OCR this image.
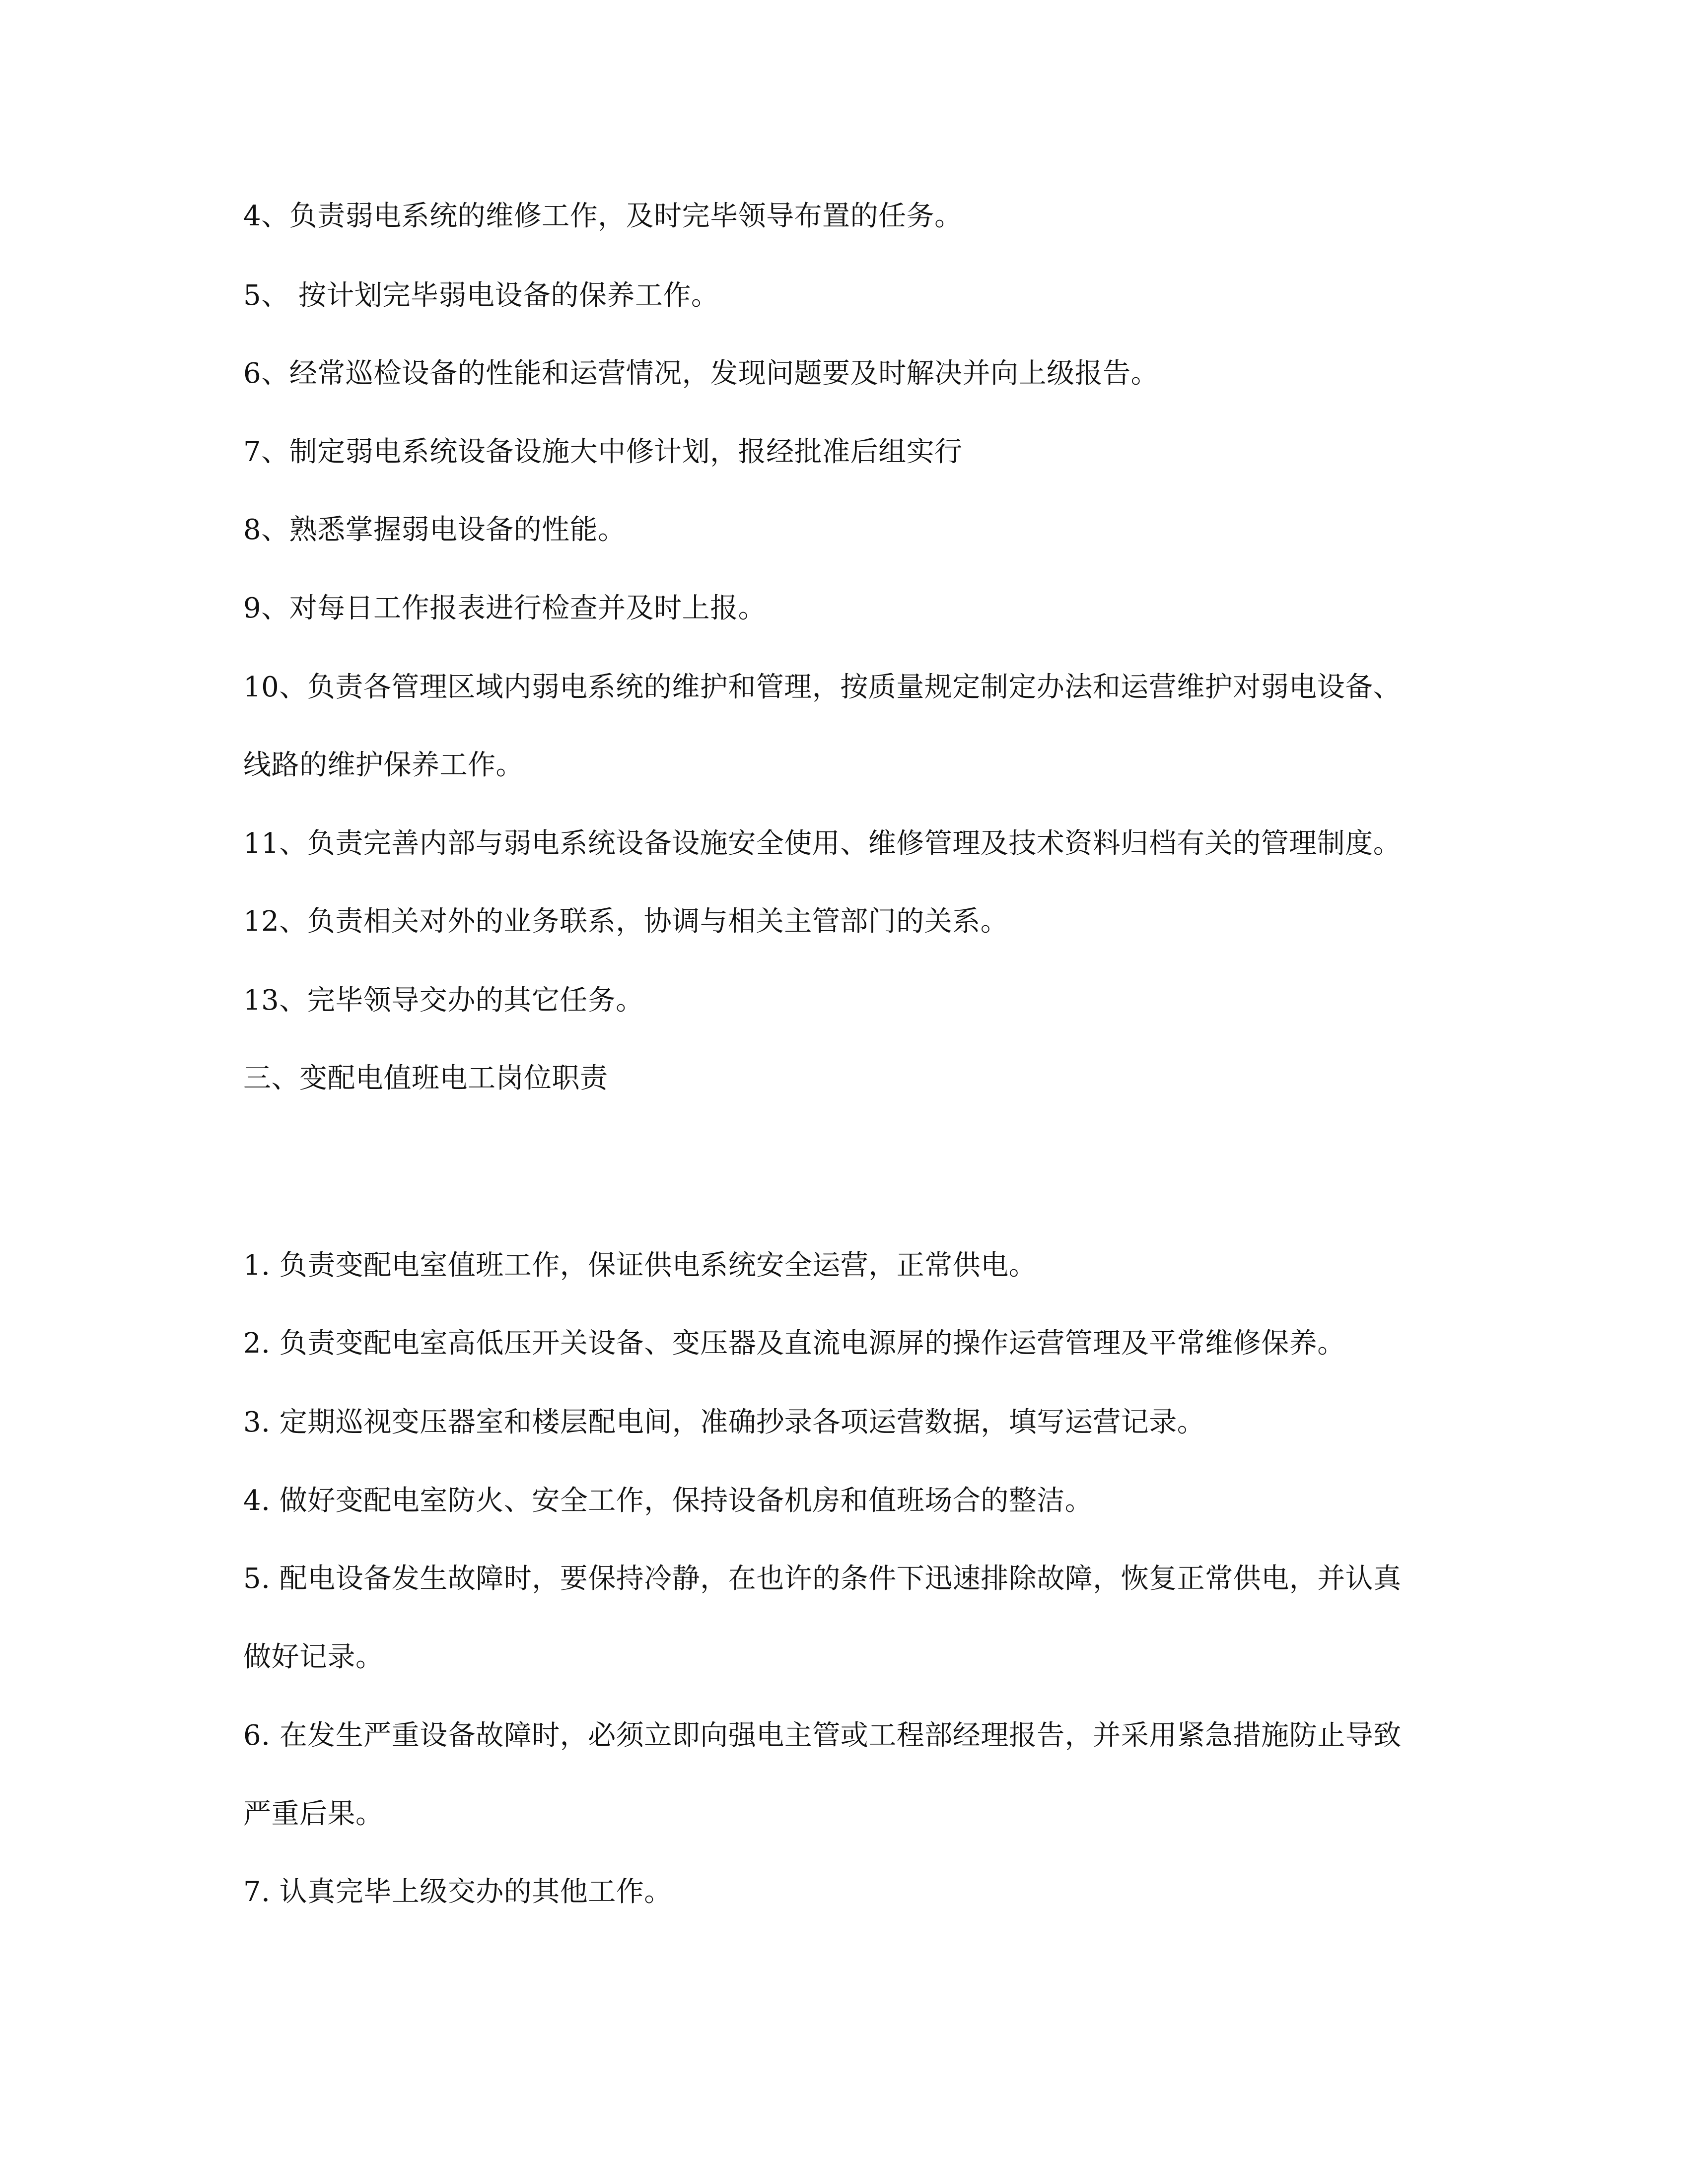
4、负责弱电系统的维修工作，及时完毕领导布置的任务。
5、 按计划完毕弱电设备的保养工作。
6、经常巡检设备的性能和运营情况，发现问题要及时解决并向上级报告。
7、制定弱电系统设备设施大中修计划，报经批准后组实行
8、熟悉掌握弱电设备的性能。
9、对每日工作报表进行检查并及时上报。
10、负责各管理区域内弱电系统的维护和管理，按质量规定制定办法和运营维护对弱电设备、
线路的维护保养工作。
11、负责完善内部与弱电系统设备设施安全使用、维修管理及技术资料归档有关的管理制度。
12、负责相关对外的业务联系，协调与相关主管部门的关系。
13、完毕领导交办的其它任务。
三、变配电值班电工岗位职责
1. 负责变配电室值班工作，保证供电系统安全运营，正常供电。
2. 负责变配电室高低压开关设备、变压器及直流电源屏的操作运营管理及平常维修保养。
3. 定期巡视变压器室和楼层配电间，准确抄录各项运营数据，填写运营记录。
4. 做好变配电室防火、安全工作，保持设备机房和值班场合的整洁。
5. 配电设备发生故障时，要保持冷静，在也许的条件下迅速排除故障，恢复正常供电，并认真
做好记录。
6. 在发生严重设备故障时，必须立即向强电主管或工程部经理报告，并采用紧急措施防止导致
严重后果。
7. 认真完毕上级交办的其他工作。
